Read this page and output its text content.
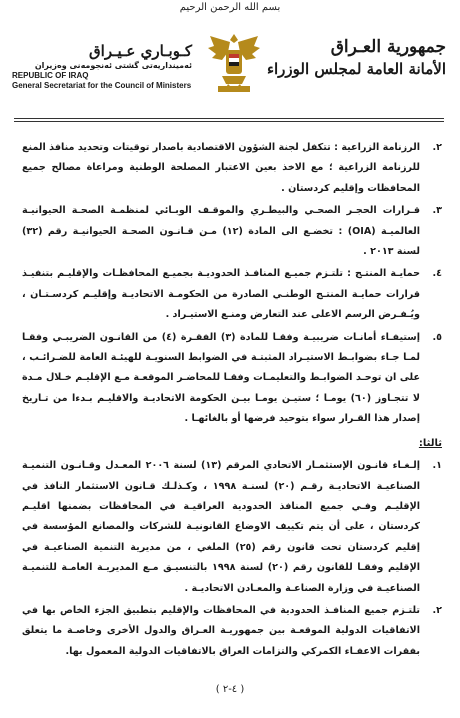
بسم الله الرحمن الرحيم
كـوبـاري عـيـراق
ئەمینداریەتی گشتی ئەنجومەنی وەزیران
REPUBLIC OF IRAQ
General Secretariat for the Council of Ministers
جمهورية العـراق
الأمانة العامة لمجلس الوزراء
.٢
الرزنامة الزراعية : تتكفل لجنة الشؤون الاقتصادية باصدار توقيتات وتحديد منافذ المنع للرزنامة الزراعية ؛ مع الاخذ بعين الاعتبار المصلحة الوطنية ومراعاة مصالح جميع المحافظات وإقليم كردستان .
.٣
قـرارات الحجـر الصحـي والبيطـري والموقـف الوبـائي لمنظمـة الصحـة الحيوانيـة العالميـة (OIA) : تخضـع الى المادة (١٢) مـن قـانـون الصحـة الحيوانيـة رقم (٣٢) لسنة ٢٠١٣ .
.٤
حمايـة المنتـج : تلتـزم جميـع المنافـذ الحدوديـة بجميـع المحافظـات والإقليـم بتنفيـذ قرارات حمايـة المنتـج الوطنـي الصادرة من الحكومـة الاتحاديـة وإقليـم كردسـتـان ، ويُـفـرض الرسم الاعلى عند التعارض ومنـع الاستيـراد .
.٥
إستيفـاء أمانـات ضريبيـة وفقـا للمادة (٣) الفقـرة (٤) من القانـون الضريبـي وفقـا لمـا جـاء بضوابـط الاستيـراد المثبتـة في الضوابط السنويـة للهيئـة العامة للضـرائـب ، على ان توحـد الضوابـط والتعليمـات وفقـا للمحاضـر الموقعـة مـع الإقليـم خـلال مـدة لا تتجـاوز (٦٠) يومـا ؛ ستيـن يومـا بيـن الحكومة الاتحاديـة والاقليـم بـدءا من تـاريخ إصدار هذا القـرار سواء بتوحيد فرضها أو بالغائهـا .
ثالثا:
.١
إلـغـاء قانـون الإستثمـار الاتحادي المرقم (١٣) لسنة ٢٠٠٦ المعـدل وقـانـون التنميـة الصناعيـة الاتحاديـة رقـم (٢٠) لسنـة ١٩٩٨ ، وكـذلـك قـانون الاستثمار النافذ في الإقليـم وفـي جميع المنافذ الحدودية العراقيـة في المحافظات بضمنها اقليـم كردستان ، على أن يتم تكييف الاوضاع القانونيـة للشركات والمصانع المؤسسة في إقليم كردستان تحت قانون رقم (٢٥) الملغي ، من مديرية التنمية الصناعيـة في الإقليم وفقـا للقانون رقم (٢٠) لسنة ١٩٩٨ بالتنسيـق مـع المديريـة العامـة للتنميـة الصناعيـة في وزارة الصناعـة والمعـادن الاتحاديـة .
.٢
تلتـزم جميع المنافـذ الحدودية في المحافظات والإقليم بتطبيق الجزء الخاص بها في الاتفاقيات الدولية الموقعـة بين جمهوريـة العـراق والدول الأخرى وخاصـة ما يتعلق بفقرات الاعفـاء الكمركي والتزامات العراق بالاتفاقيات الدولية المعمول بها.
( ٤-٢ )
